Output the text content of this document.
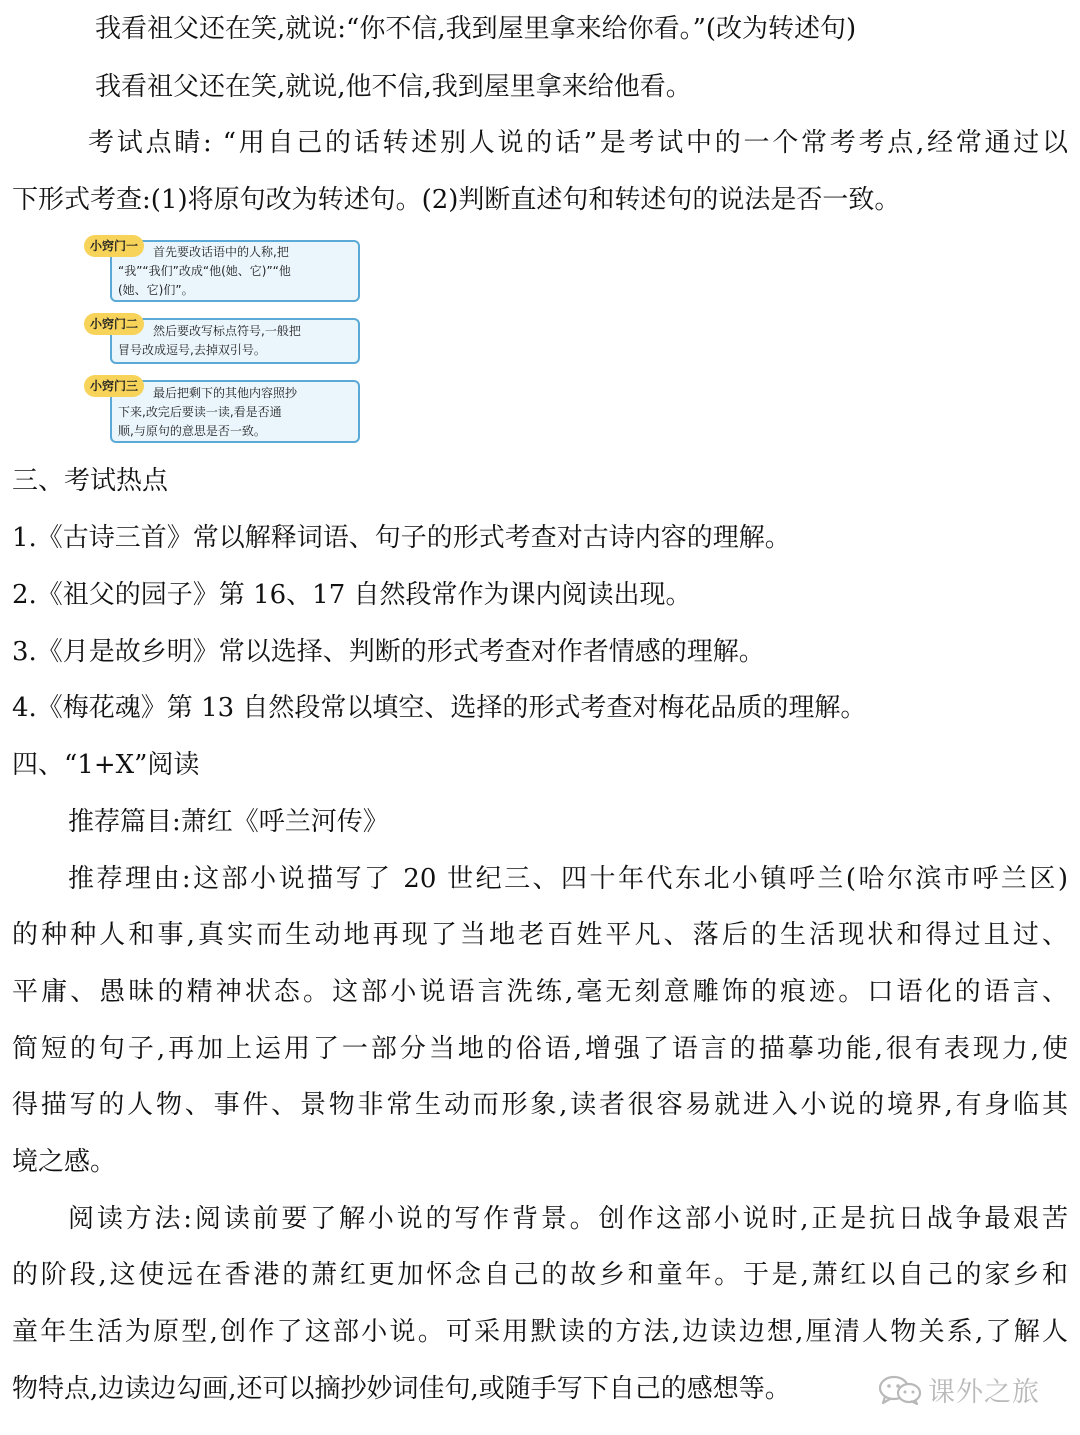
我看祖父还在笑,就说:“你不信,我到屋里拿来给你看。”(改为转述句)
我看祖父还在笑,就说,他不信,我到屋里拿来给他看。
考试点睛: “用自己的话转述别人说的话”是考试中的一个常考考点,经常通过以
下形式考查:(1)将原句改为转述句。(2)判断直述句和转述句的说法是否一致。
小窍门一	首先要改话语中的人称,把
“我”“我们”改成“他(她、它)”“他
(她、它)们”。
小窍门二	然后要改写标点符号,一般把
冒号改成逗号,去掉双引号。
小窍门三	最后把剩下的其他内容照抄
下来,改完后要读一读,看是否通
顺,与原句的意思是否一致。
三、考试热点
1.《古诗三首》常以解释词语、句子的形式考查对古诗内容的理解。
2.《祖父的园子》第 16、17 自然段常作为课内阅读出现。
3.《月是故乡明》常以选择、判断的形式考查对作者情感的理解。
4.《梅花魂》第 13 自然段常以填空、选择的形式考查对梅花品质的理解。
四、“1+X”阅读
推荐篇目:萧红《呼兰河传》
推荐理由:这部小说描写了 20 世纪三、四十年代东北小镇呼兰(哈尔滨市呼兰区)
的种种人和事,真实而生动地再现了当地老百姓平凡、落后的生活现状和得过且过、
平庸、愚昧的精神状态。这部小说语言洗练,毫无刻意雕饰的痕迹。口语化的语言、
简短的句子,再加上运用了一部分当地的俗语,增强了语言的描摹功能,很有表现力,使
得描写的人物、事件、景物非常生动而形象,读者很容易就进入小说的境界,有身临其
境之感。
阅读方法:阅读前要了解小说的写作背景。创作这部小说时,正是抗日战争最艰苦
的阶段,这使远在香港的萧红更加怀念自己的故乡和童年。于是,萧红以自己的家乡和
童年生活为原型,创作了这部小说。可采用默读的方法,边读边想,厘清人物关系,了解人
物特点,边读边勾画,还可以摘抄妙词佳句,或随手写下自己的感想等。	课外之旅
